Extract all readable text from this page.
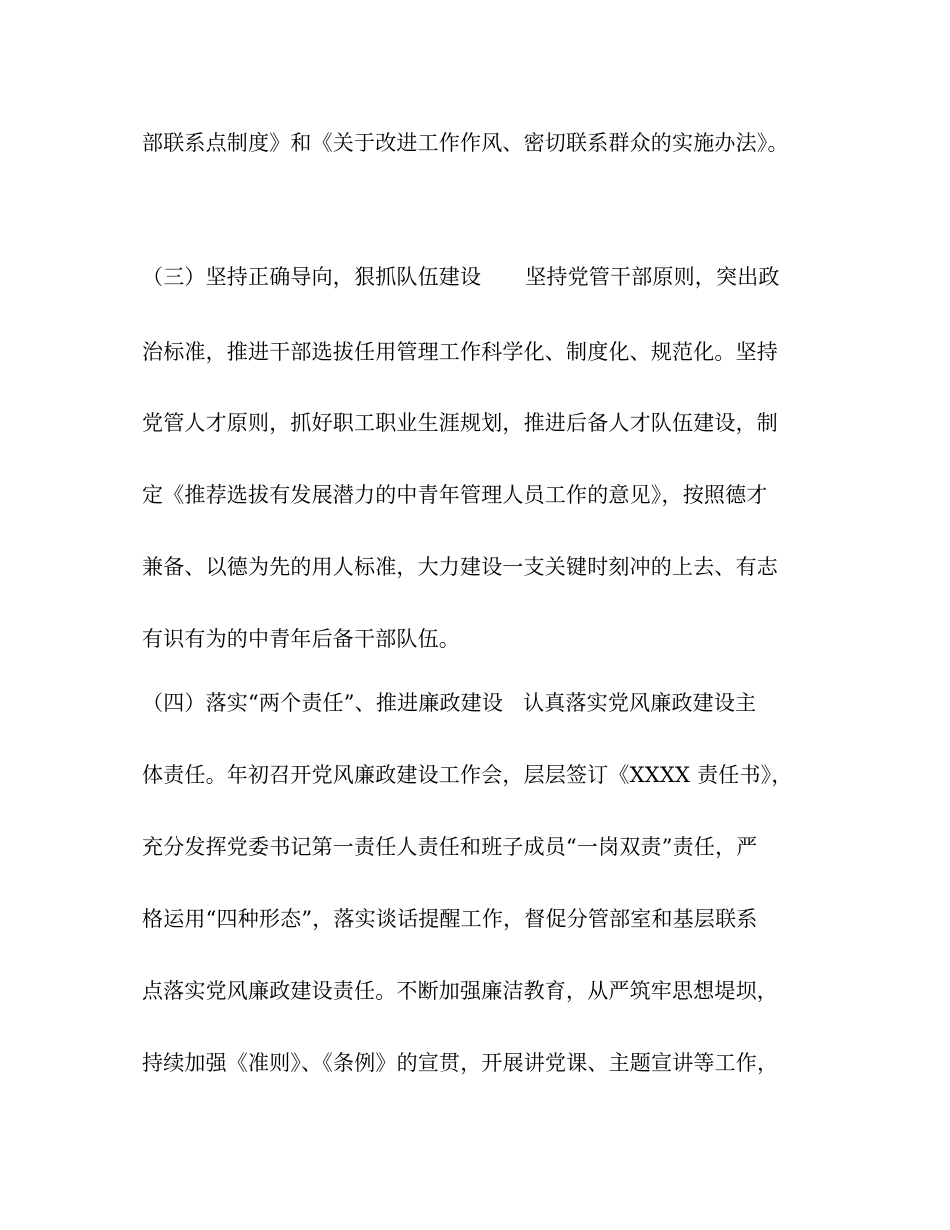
部联系点制度》和《关于改进工作作风、密切联系群众的实施办法》。
（三）坚持正确导向，狠抓队伍建设 坚持党管干部原则，突出政
治标准，推进干部选拔任用管理工作科学化、制度化、规范化。坚持
党管人才原则，抓好职工职业生涯规划，推进后备人才队伍建设，制
定《推荐选拔有发展潜力的中青年管理人员工作的意见》，按照德才
兼备、以德为先的用人标准，大力建设一支关键时刻冲的上去、有志
有识有为的中青年后备干部队伍。
（四）落实“两个责任”、推进廉政建设 认真落实党风廉政建设主
体责任。年初召开党风廉政建设工作会，层层签订《XXXX 责任书》，
充分发挥党委书记第一责任人责任和班子成员“一岗双责”责任，严
格运用“四种形态”，落实谈话提醒工作，督促分管部室和基层联系
点落实党风廉政建设责任。不断加强廉洁教育，从严筑牢思想堤坝，
持续加强《准则》、《条例》的宣贯，开展讲党课、主题宣讲等工作，
